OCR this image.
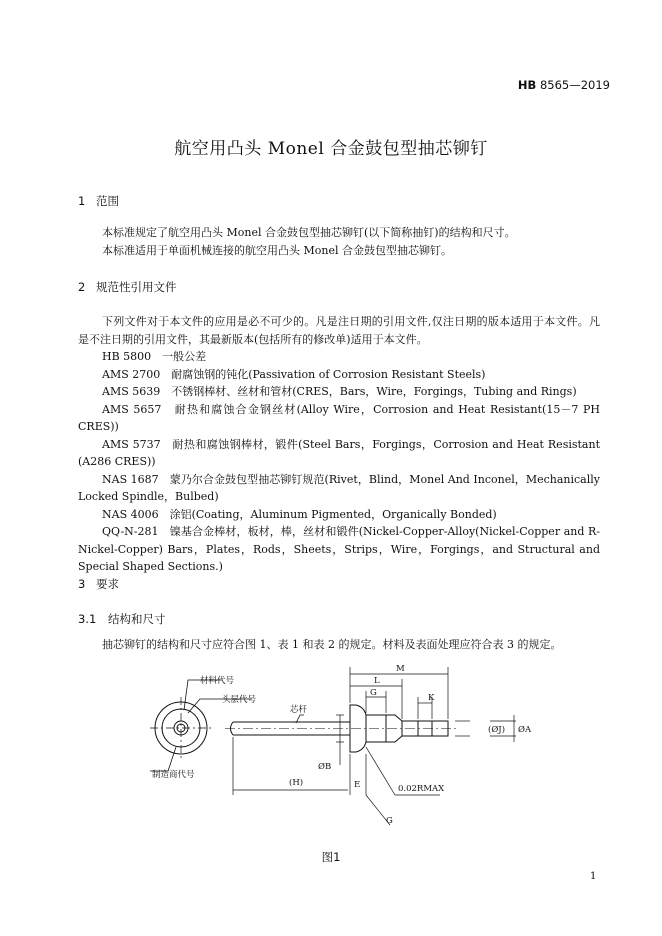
HB 8565—2019
航空用凸头 Monel 合金鼓包型抽芯铆钉
1 范围
本标准规定了航空用凸头 Monel 合金鼓包型抽芯铆钉(以下简称抽钉)的结构和尺寸。
本标准适用于单面机械连接的航空用凸头 Monel 合金鼓包型抽芯铆钉。
2 规范性引用文件
下列文件对于本文件的应用是必不可少的。凡是注日期的引用文件,仅注日期的版本适用于本文件。凡是不注日期的引用文件，其最新版本(包括所有的修改单)适用于本文件。
HB 5800　一般公差
AMS 2700　耐腐蚀钢的钝化(Passivation of Corrosion Resistant Steels)
AMS 5639　不锈钢棒材、丝材和管材(CRES，Bars，Wire，Forgings，Tubing and Rings)
AMS 5657　耐热和腐蚀合金钢丝材(Alloy Wire，Corrosion and Heat Resistant(15－7 PH CRES))
AMS 5737　耐热和腐蚀钢棒材，锻件(Steel Bars，Forgings，Corrosion and Heat Resistant (A286 CRES))
NAS 1687　蒙乃尔合金鼓包型抽芯铆钉规范(Rivet，Blind，Monel And Inconel，Mechanically Locked Spindle，Bulbed)
NAS 4006　涂铝(Coating，Aluminum Pigmented，Organically Bonded)
QQ-N-281　镍基合金棒材，板材，棒，丝材和锻件(Nickel-Copper-Alloy(Nickel-Copper and R-Nickel-Copper) Bars，Plates，Rods，Sheets，Strips，Wire，Forgings，and Structural and Special Shaped Sections.)
3 要求
3.1 结构和尺寸
抽芯铆钉的结构和尺寸应符合图 1、表 1 和表 2 的规定。材料及表面处理应符合表 3 的规定。
材料代号
头层代号
芯杆
制造商代号
M
L
G	K
(ØJ) ØA
ØB
(H)	E	0.02RMAX
G
图1
1
